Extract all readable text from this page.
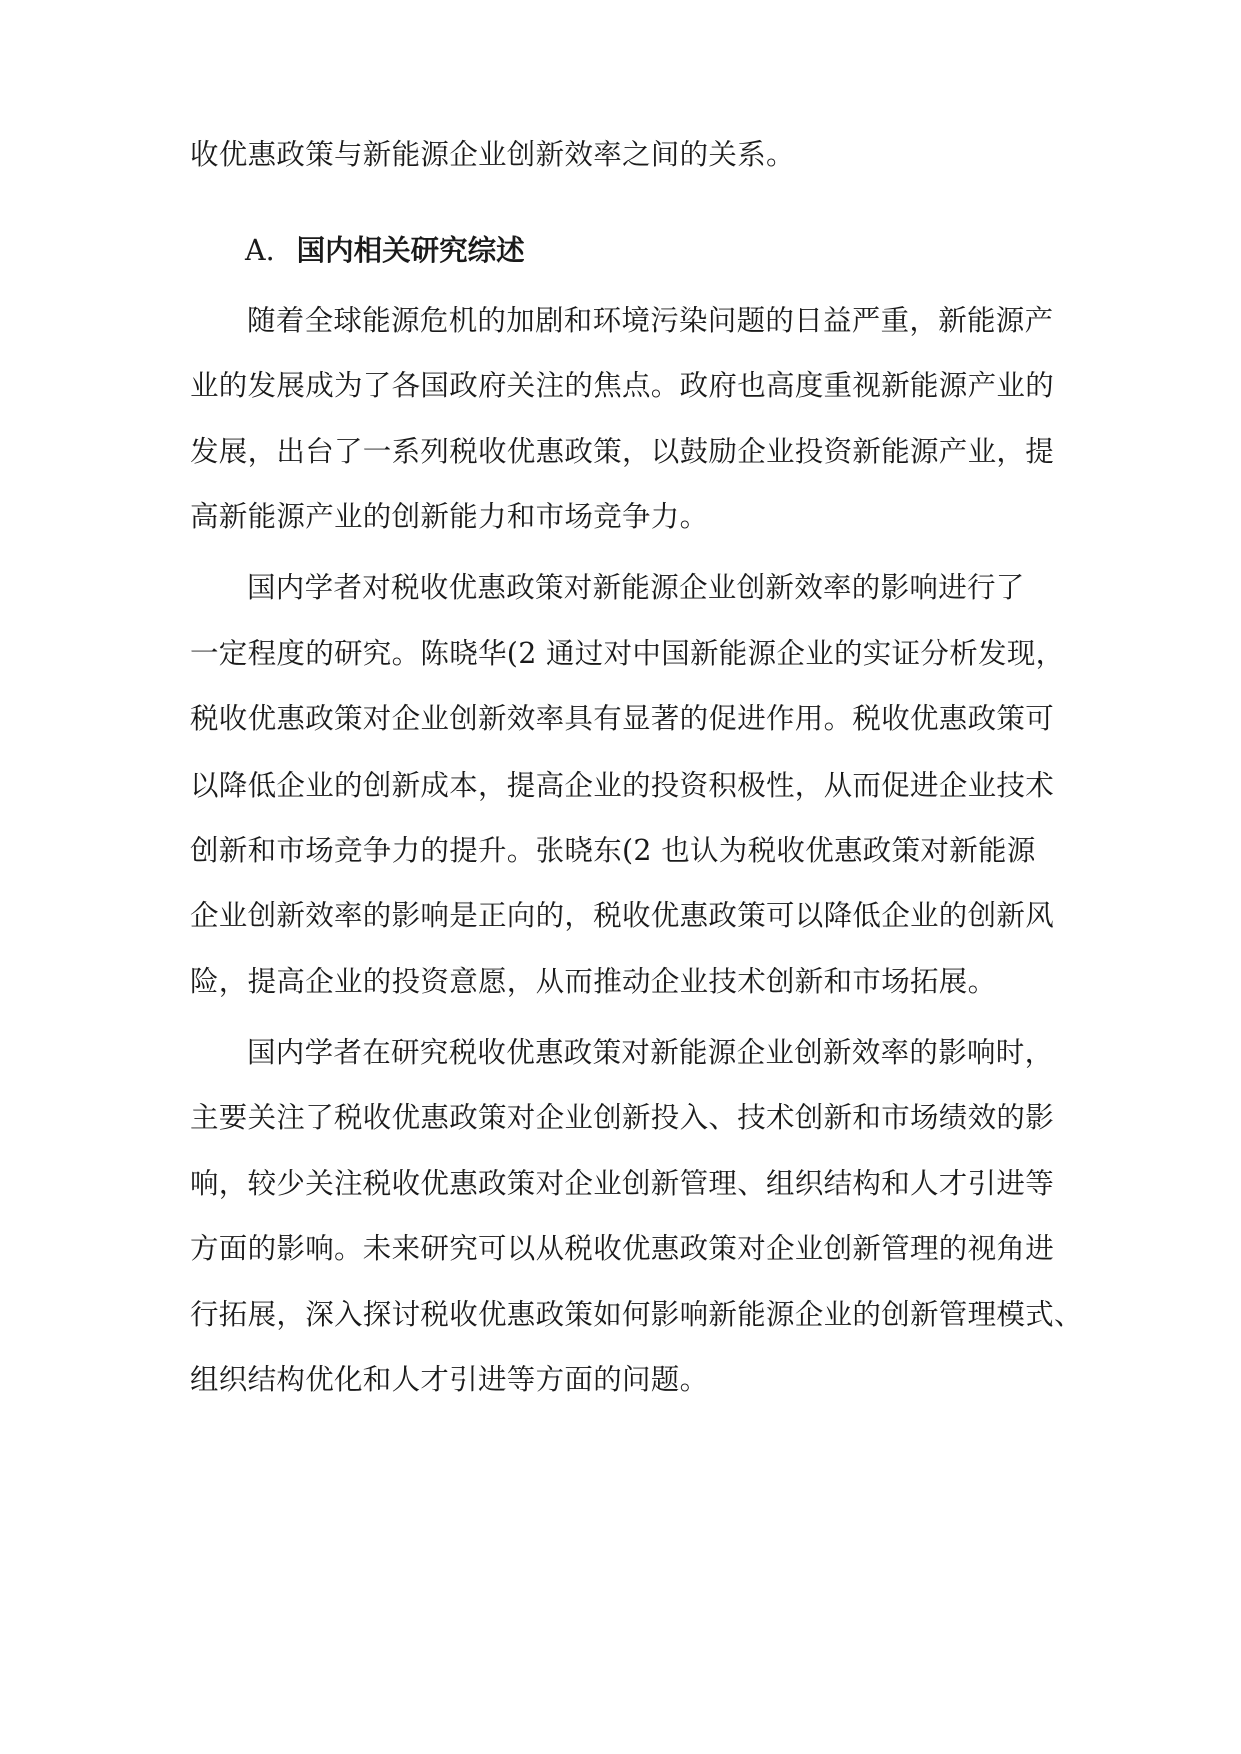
收优惠政策与新能源企业创新效率之间的关系。
A. 国内相关研究综述
随着全球能源危机的加剧和环境污染问题的日益严重，新能源产
业的发展成为了各国政府关注的焦点。政府也高度重视新能源产业的
发展，出台了一系列税收优惠政策，以鼓励企业投资新能源产业，提
高新能源产业的创新能力和市场竞争力。
国内学者对税收优惠政策对新能源企业创新效率的影响进行了
一定程度的研究。陈晓华(2 通过对中国新能源企业的实证分析发现，
税收优惠政策对企业创新效率具有显著的促进作用。税收优惠政策可
以降低企业的创新成本，提高企业的投资积极性，从而促进企业技术
创新和市场竞争力的提升。张晓东(2 也认为税收优惠政策对新能源
企业创新效率的影响是正向的，税收优惠政策可以降低企业的创新风
险，提高企业的投资意愿，从而推动企业技术创新和市场拓展。
国内学者在研究税收优惠政策对新能源企业创新效率的影响时，
主要关注了税收优惠政策对企业创新投入、技术创新和市场绩效的影
响，较少关注税收优惠政策对企业创新管理、组织结构和人才引进等
方面的影响。未来研究可以从税收优惠政策对企业创新管理的视角进
行拓展，深入探讨税收优惠政策如何影响新能源企业的创新管理模式、
组织结构优化和人才引进等方面的问题。
